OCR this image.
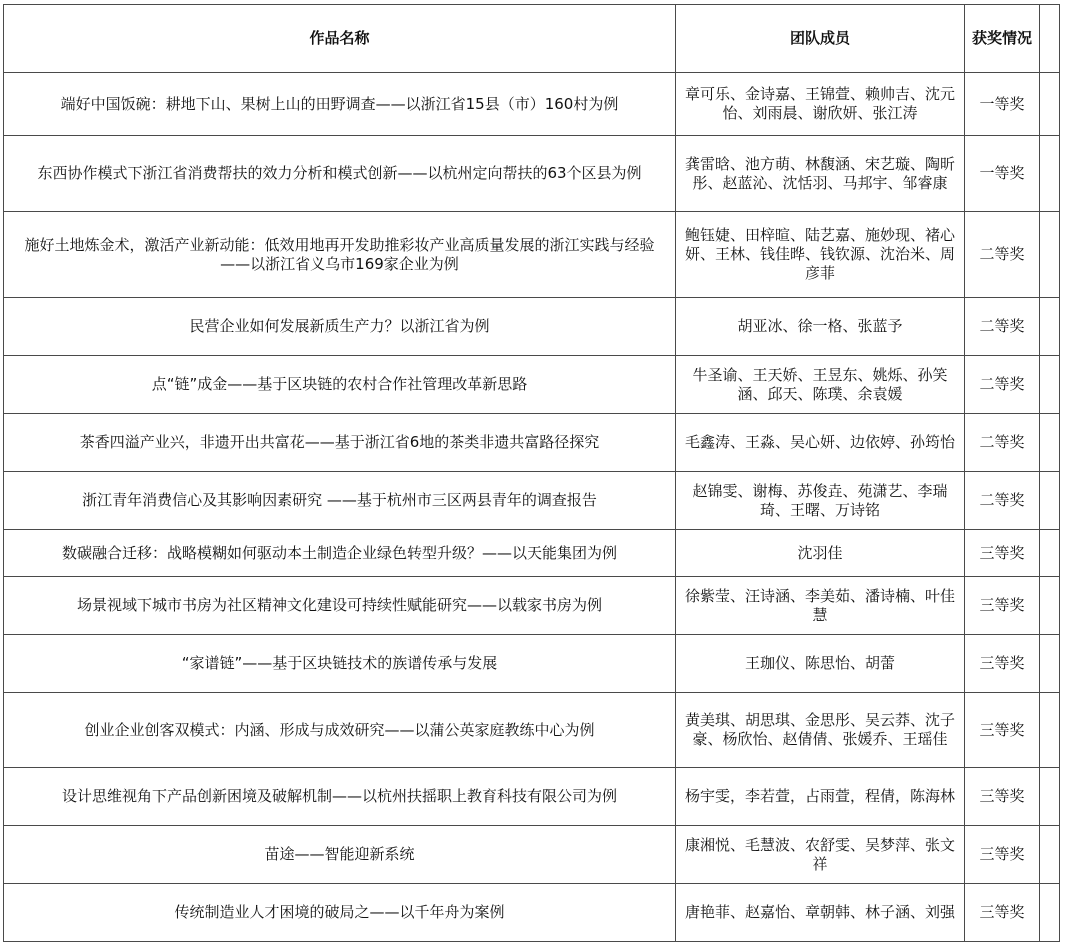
作品名称	团队成员	获奖情况	
端好中国饭碗：耕地下山、果树上山的田野调查——以浙江省15县（市）160村为例	章可乐、金诗嘉、王锦萱、赖帅吉、沈元怡、刘雨晨、谢欣妍、张江涛	一等奖	
东西协作模式下浙江省消费帮扶的效力分析和模式创新——以杭州定向帮扶的63个区县为例	龚雷晗、池方萌、林馥涵、宋艺璇、陶昕彤、赵蓝沁、沈恬羽、马邦宇、邹睿康	一等奖	
施好土地炼金术，激活产业新动能：低效用地再开发助推彩妆产业高质量发展的浙江实践与经验——以浙江省义乌市169家企业为例	鲍钰婕、田梓暄、陆艺嘉、施妙现、褚心妍、王林、钱佳晔、钱钦源、沈治米、周彦菲	二等奖	
民营企业如何发展新质生产力？以浙江省为例	胡亚冰、徐一格、张蓝予	二等奖	
点“链”成金——基于区块链的农村合作社管理改革新思路	牛圣谕、王天娇、王昱东、姚烁、孙笑涵、邱天、陈璞、余袁媛	二等奖	
茶香四溢产业兴，非遗开出共富花——基于浙江省6地的茶类非遗共富路径探究	毛鑫涛、王淼、吴心妍、边依婷、孙筠怡	二等奖	
浙江青年消费信心及其影响因素研究 ——基于杭州市三区两县青年的调查报告	赵锦雯、谢梅、苏俊垚、苑潇艺、李瑞琦、王曙、万诗铭	二等奖	
数碳融合迁移：战略模糊如何驱动本土制造企业绿色转型升级？——以天能集团为例	沈羽佳	三等奖	
场景视域下城市书房为社区精神文化建设可持续性赋能研究——以载家书房为例	徐紫莹、汪诗涵、李美茹、潘诗楠、叶佳慧	三等奖	
“家谱链”——基于区块链技术的族谱传承与发展	王珈仪、陈思怡、胡蕾	三等奖	
创业企业创客双模式：内涵、形成与成效研究——以蒲公英家庭教练中心为例	黄美琪、胡思琪、金思彤、吴云莽、沈子豪、杨欣怡、赵倩倩、张媛乔、王瑶佳	三等奖	
设计思维视角下产品创新困境及破解机制——以杭州扶摇职上教育科技有限公司为例	杨宇雯，李若萱，占雨萱，程倩，陈海林	三等奖	
苗途——智能迎新系统	康湘悦、毛慧波、农舒雯、吴梦萍、张文祥	三等奖	
传统制造业人才困境的破局之——以千年舟为案例	唐艳菲、赵嘉怡、章朝韩、林子涵、刘强	三等奖	
